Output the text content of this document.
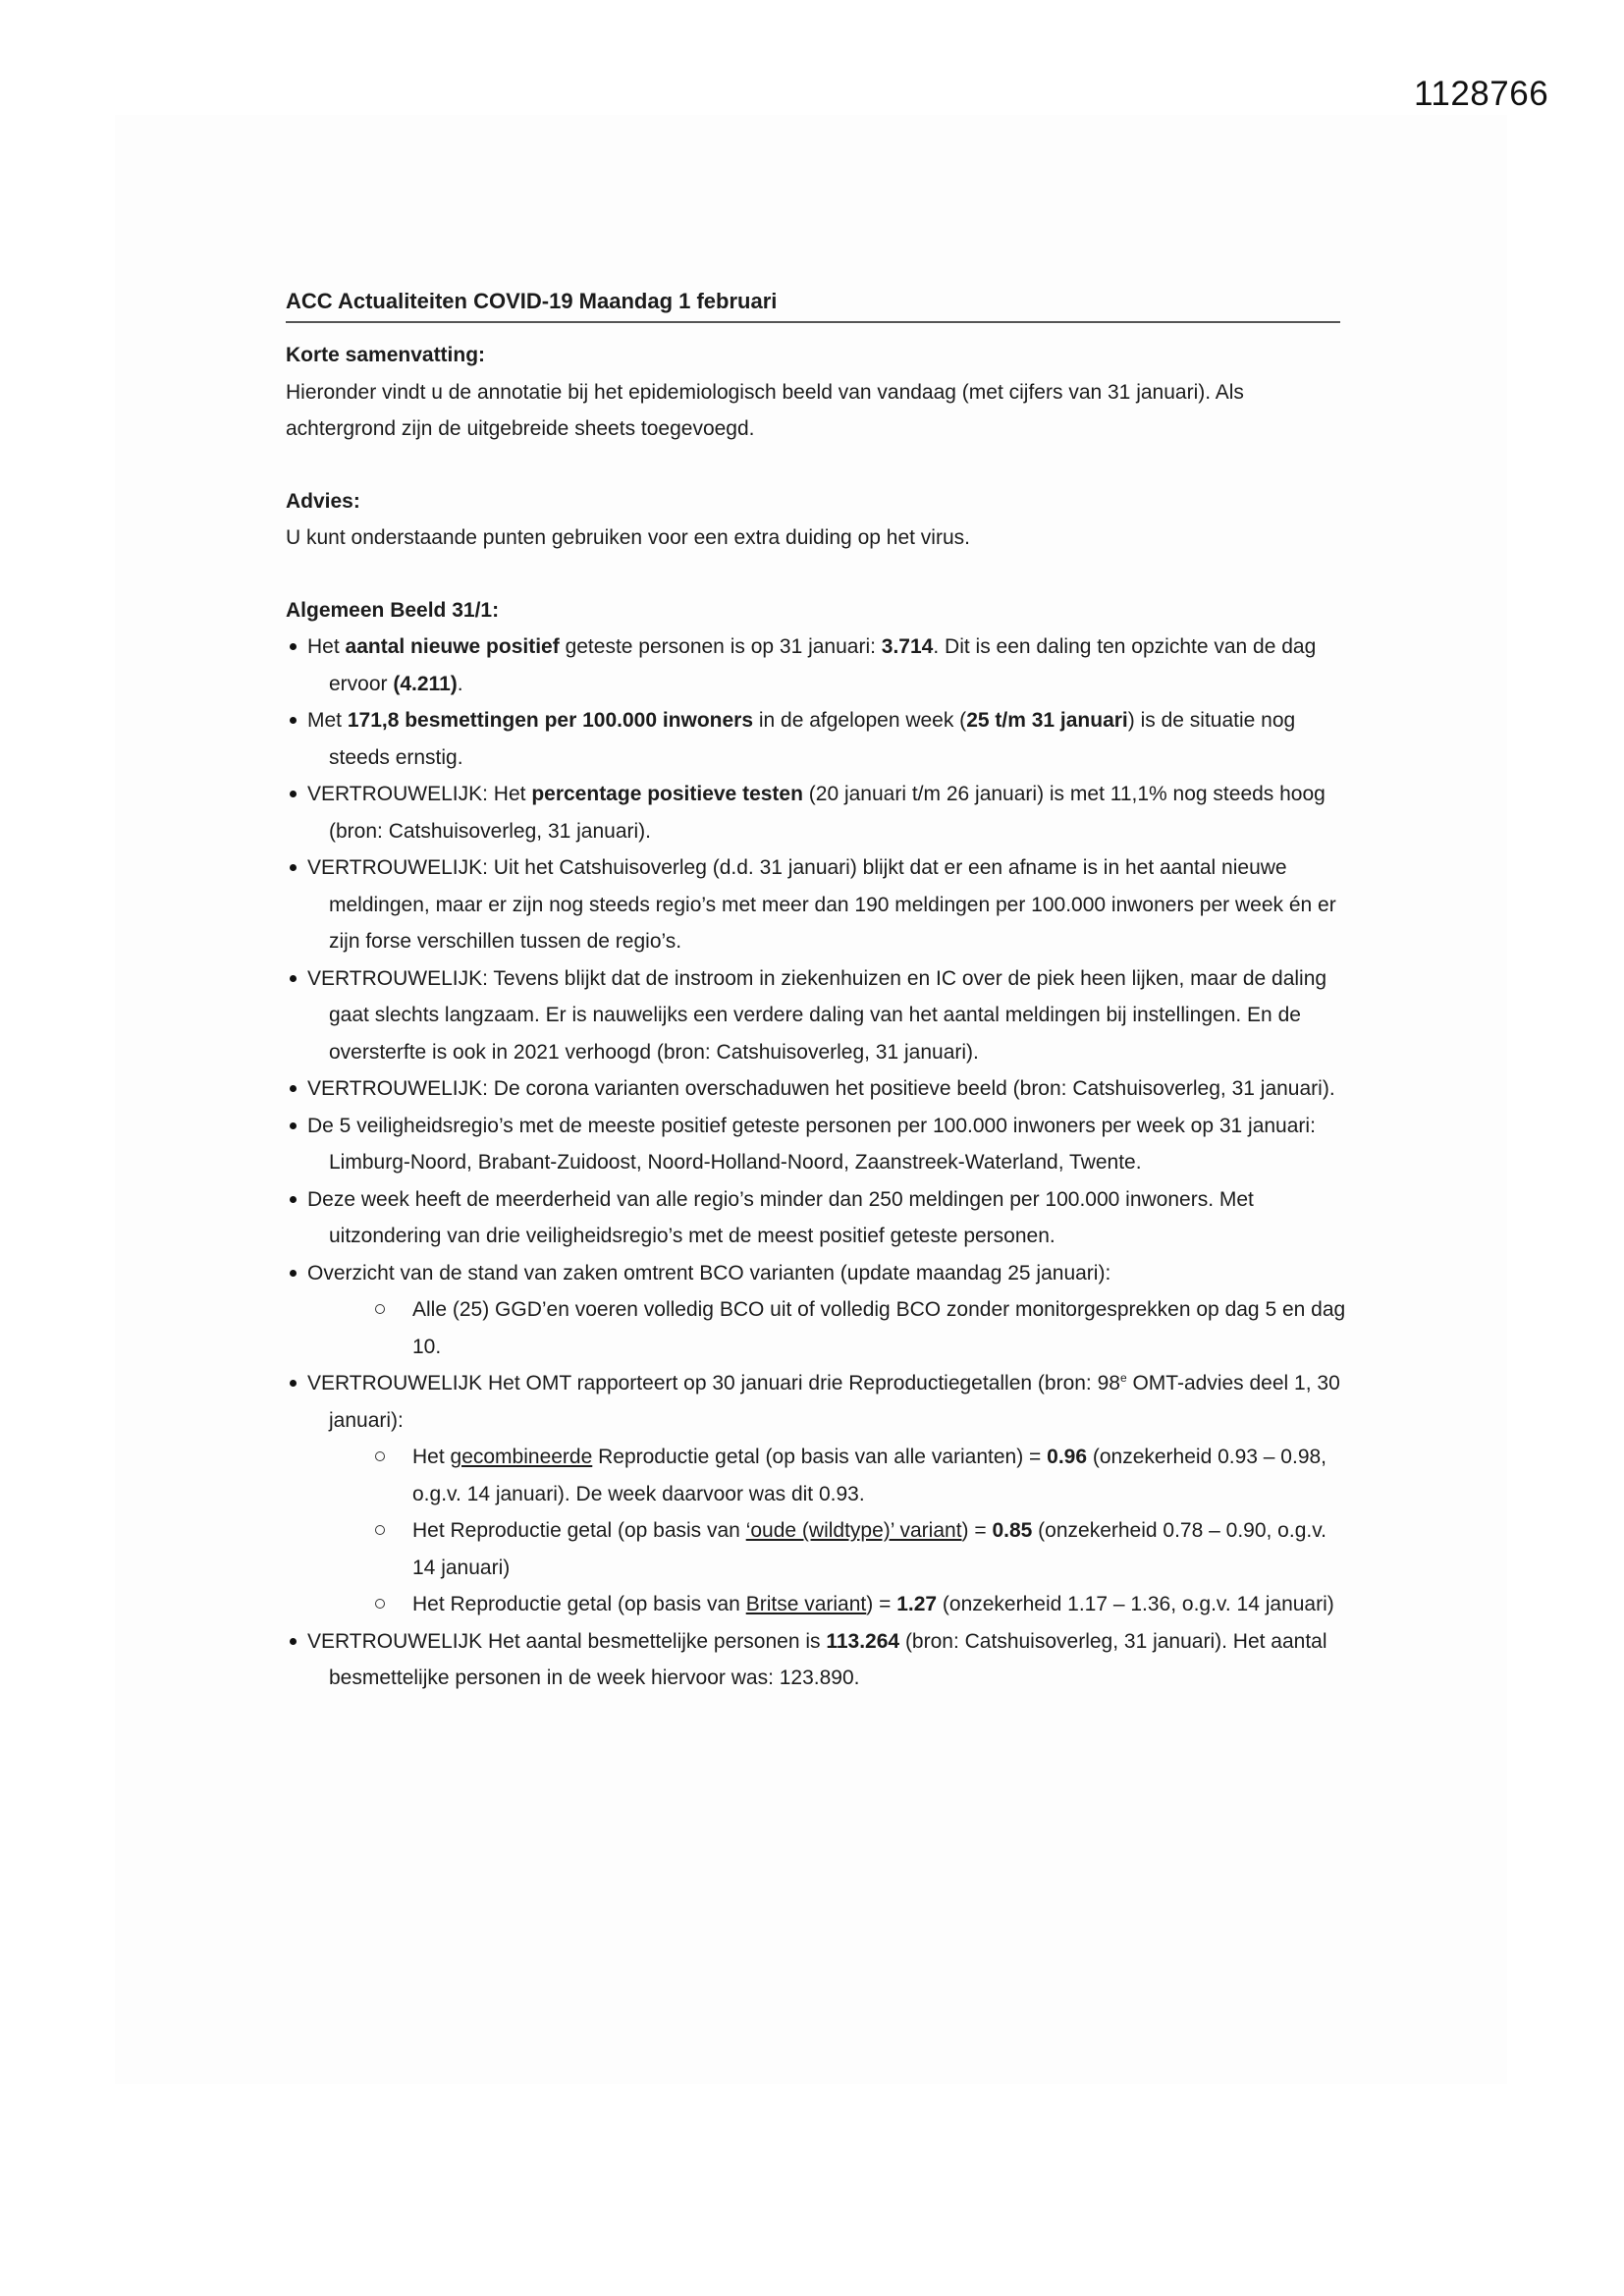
1128766
ACC Actualiteiten COVID-19 Maandag 1 februari

Korte samenvatting:

Hieronder vindt u de annotatie bij het epidemiologisch beeld van vandaag (met cijfers van 31 januari). Als achtergrond zijn de uitgebreide sheets toegevoegd.

Advies:

U kunt onderstaande punten gebruiken voor een extra duiding op het virus.

Algemeen Beeld 31/1:

Het aantal nieuwe positief geteste personen is op 31 januari: 3.714. Dit is een daling ten opzichte van de dag ervoor (4.211).
Met 171,8 besmettingen per 100.000 inwoners in de afgelopen week (25 t/m 31 januari) is de situatie nog steeds ernstig.
VERTROUWELIJK: Het percentage positieve testen (20 januari t/m 26 januari) is met 11,1% nog steeds hoog (bron: Catshuisoverleg, 31 januari).
VERTROUWELIJK: Uit het Catshuisoverleg (d.d. 31 januari) blijkt dat er een afname is in het aantal nieuwe meldingen, maar er zijn nog steeds regio’s met meer dan 190 meldingen per 100.000 inwoners per week én er zijn forse verschillen tussen de regio’s.
VERTROUWELIJK: Tevens blijkt dat de instroom in ziekenhuizen en IC over de piek heen lijken, maar de daling gaat slechts langzaam. Er is nauwelijks een verdere daling van het aantal meldingen bij instellingen. En de oversterfte is ook in 2021 verhoogd (bron: Catshuisoverleg, 31 januari).
VERTROUWELIJK: De corona varianten overschaduwen het positieve beeld (bron: Catshuisoverleg, 31 januari).
De 5 veiligheidsregio’s met de meeste positief geteste personen per 100.000 inwoners per week op 31 januari: Limburg-Noord, Brabant-Zuidoost, Noord-Holland-Noord, Zaanstreek-Waterland, Twente.
Deze week heeft de meerderheid van alle regio’s minder dan 250 meldingen per 100.000 inwoners. Met uitzondering van drie veiligheidsregio’s met de meest positief geteste personen.
Overzicht van de stand van zaken omtrent BCO varianten (update maandag 25 januari):
Alle (25) GGD’en voeren volledig BCO uit of volledig BCO zonder monitorgesprekken op dag 5 en dag 10.
VERTROUWELIJK Het OMT rapporteert op 30 januari drie Reproductiegetallen (bron: 98e OMT-advies deel 1, 30 januari):
Het gecombineerde Reproductie getal (op basis van alle varianten) = 0.96 (onzekerheid 0.93 – 0.98, o.g.v. 14 januari). De week daarvoor was dit 0.93.
Het Reproductie getal (op basis van ‘oude (wildtype)’ variant) = 0.85 (onzekerheid 0.78 – 0.90, o.g.v. 14 januari)
Het Reproductie getal (op basis van Britse variant) = 1.27 (onzekerheid 1.17 – 1.36, o.g.v. 14 januari)
VERTROUWELIJK Het aantal besmettelijke personen is 113.264 (bron: Catshuisoverleg, 31 januari). Het aantal besmettelijke personen in de week hiervoor was: 123.890.
